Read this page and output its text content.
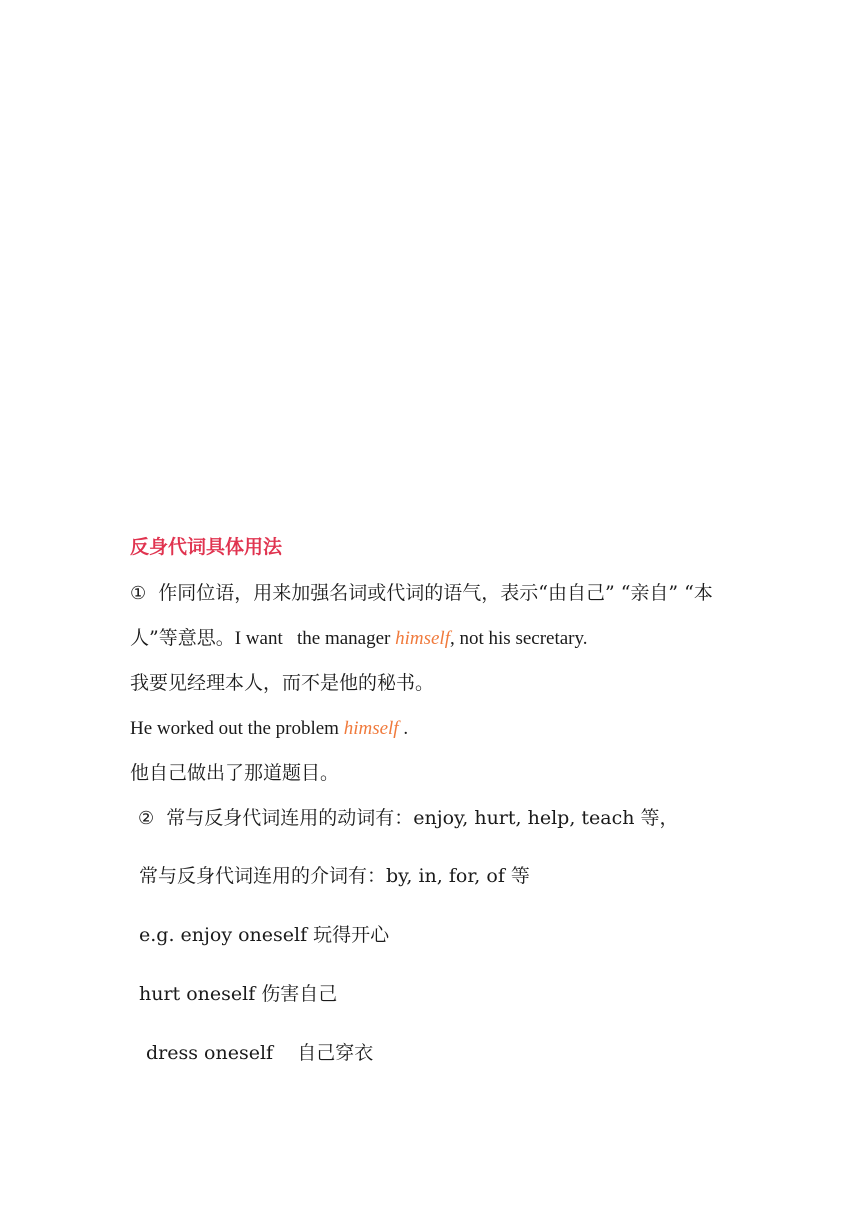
反身代词具体用法
① 作同位语，用来加强名词或代词的语气，表示“由自己” “亲自” “本
人”等意思。I want   the manager himself, not his secretary.
我要见经理本人，而不是他的秘书。
He worked out the problem himself .
他自己做出了那道题目。
② 常与反身代词连用的动词有：enjoy, hurt, help, teach 等，
常与反身代词连用的介词有：by, in, for, of 等
e.g. enjoy oneself 玩得开心
hurt oneself 伤害自己
dress oneself    自己穿衣
